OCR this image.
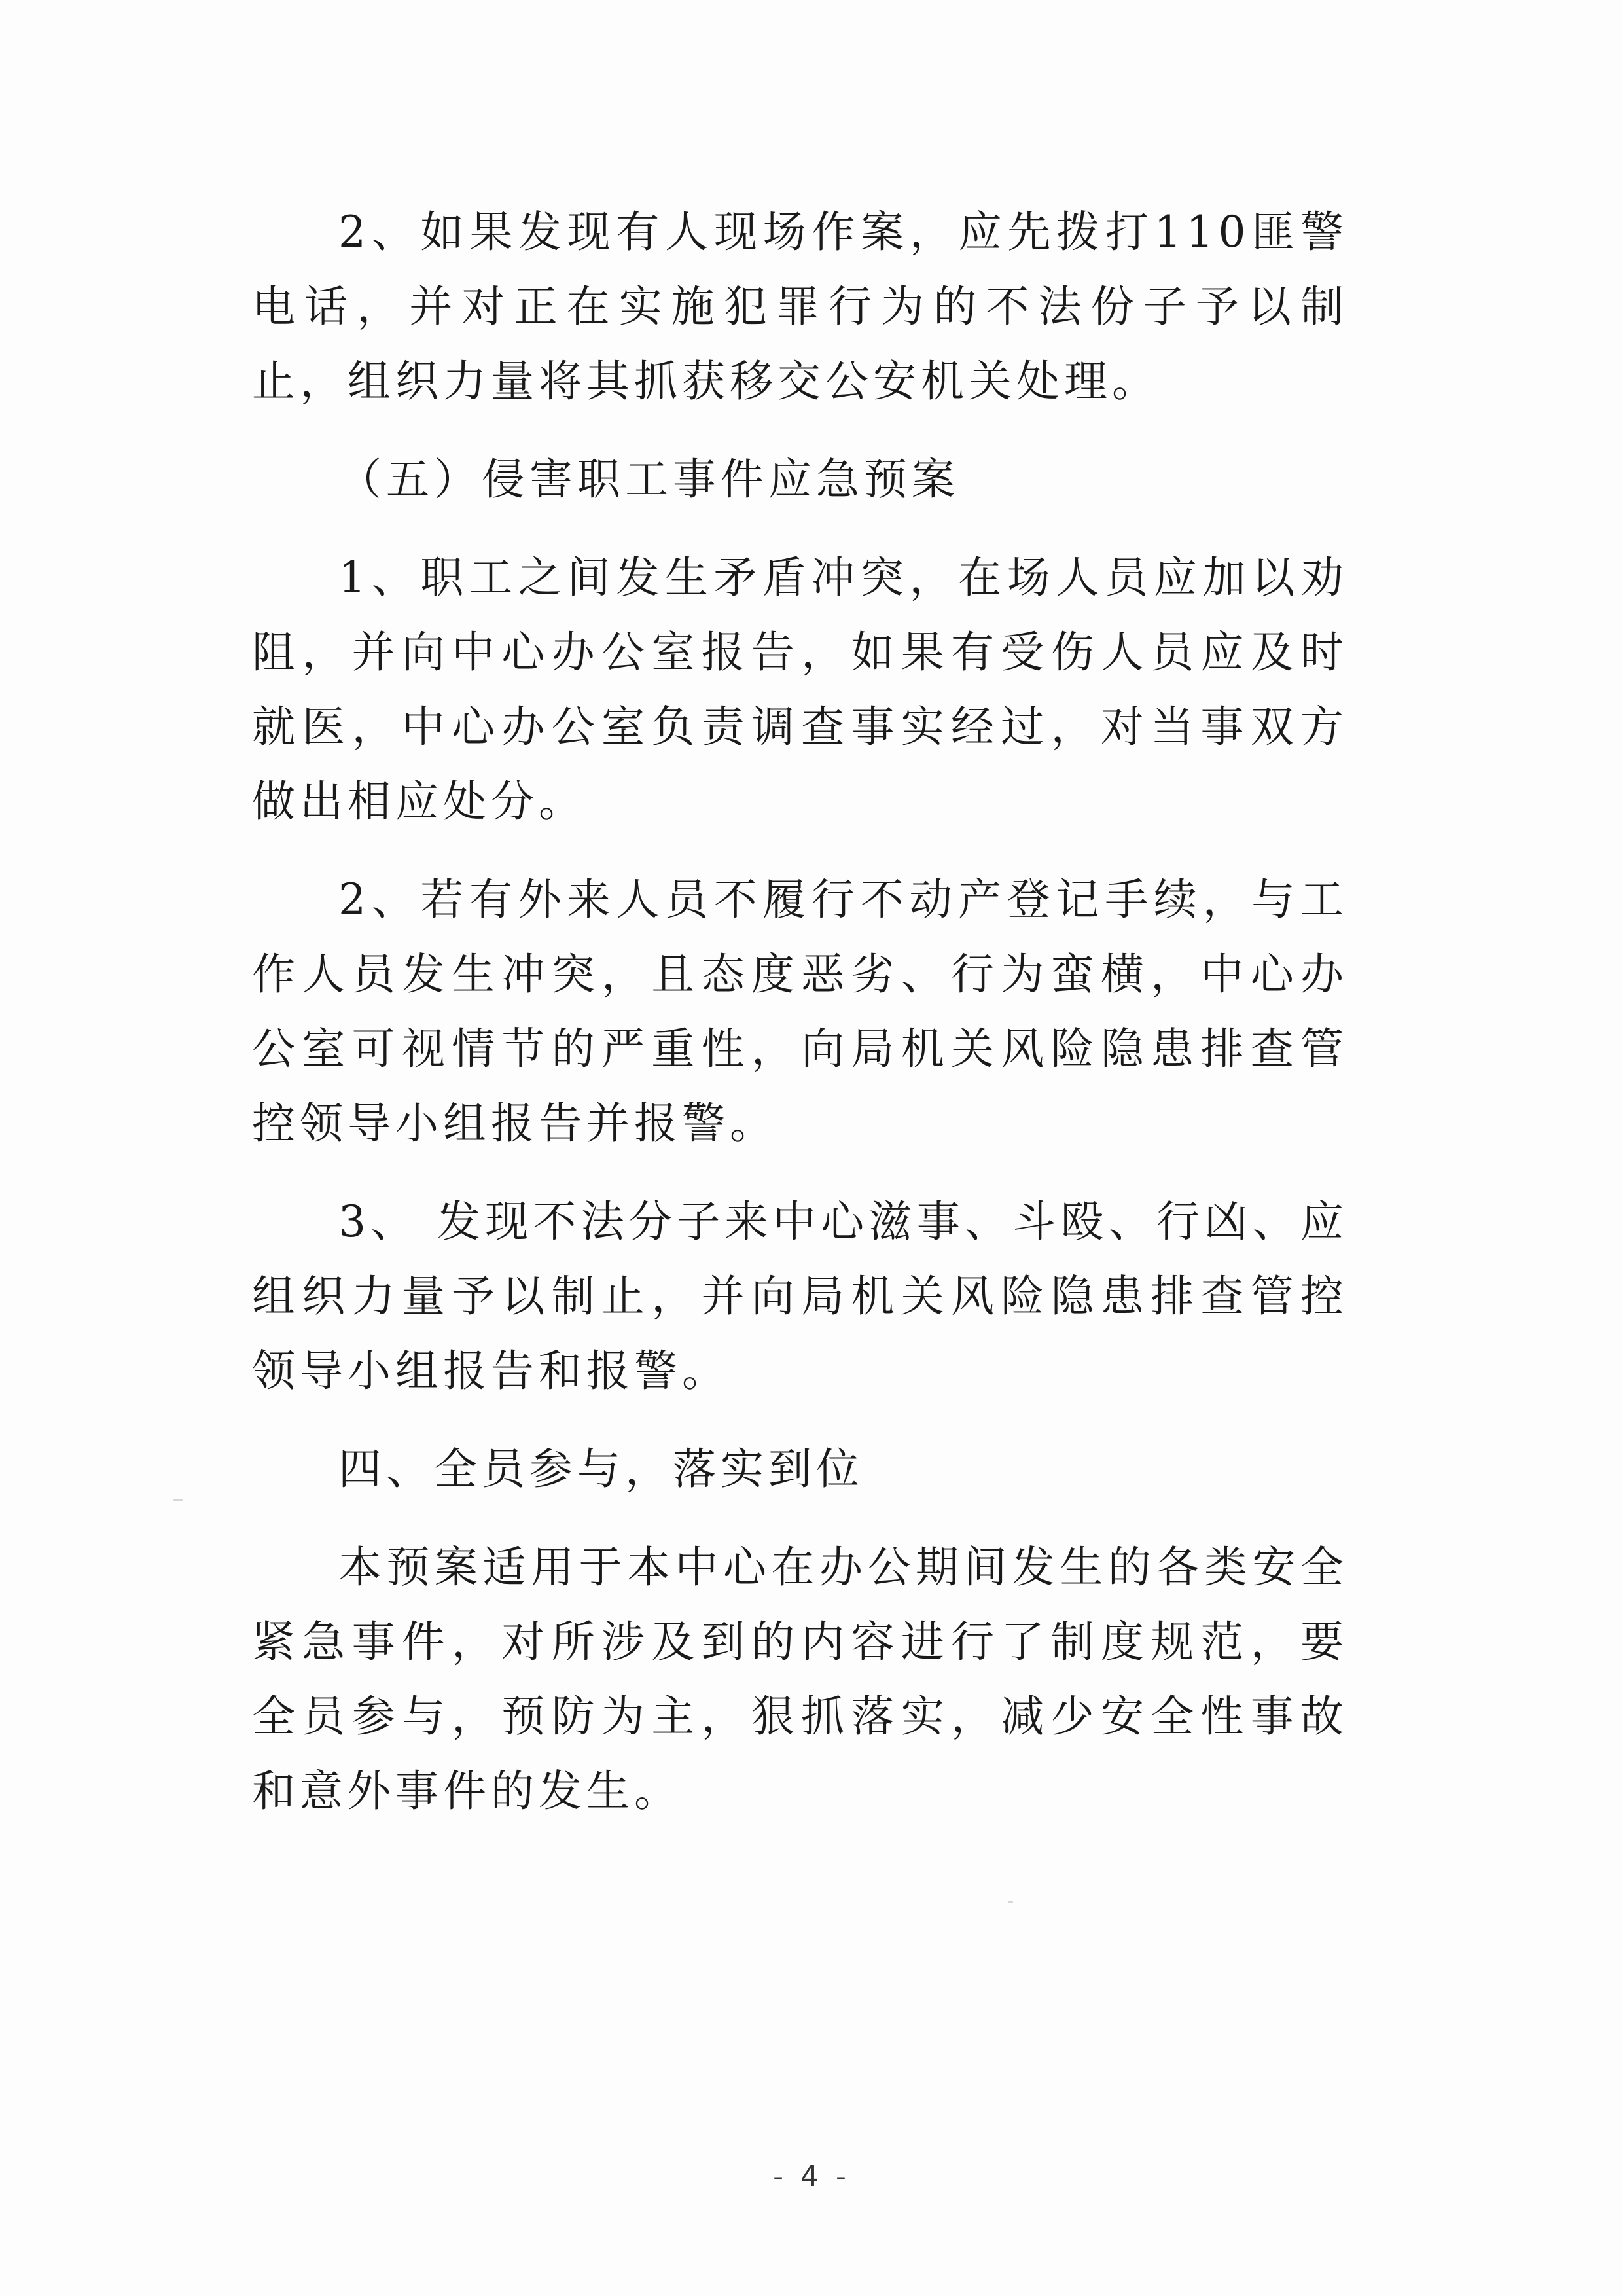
2、如果发现有人现场作案，应先拨打110匪警电话，并对正在实施犯罪行为的不法份子予以制止，组织力量将其抓获移交公安机关处理。

（五）侵害职工事件应急预案

1、职工之间发生矛盾冲突，在场人员应加以劝阻，并向中心办公室报告，如果有受伤人员应及时就医，中心办公室负责调查事实经过，对当事双方做出相应处分。

2、若有外来人员不履行不动产登记手续，与工作人员发生冲突，且态度恶劣、行为蛮横，中心办公室可视情节的严重性，向局机关风险隐患排查管控领导小组报告并报警。

3、 发现不法分子来中心滋事、斗殴、行凶、应组织力量予以制止，并向局机关风险隐患排查管控领导小组报告和报警。

四、全员参与，落实到位

本预案适用于本中心在办公期间发生的各类安全紧急事件，对所涉及到的内容进行了制度规范，要全员参与，预防为主，狠抓落实，减少安全性事故和意外事件的发生。

- 4 -
